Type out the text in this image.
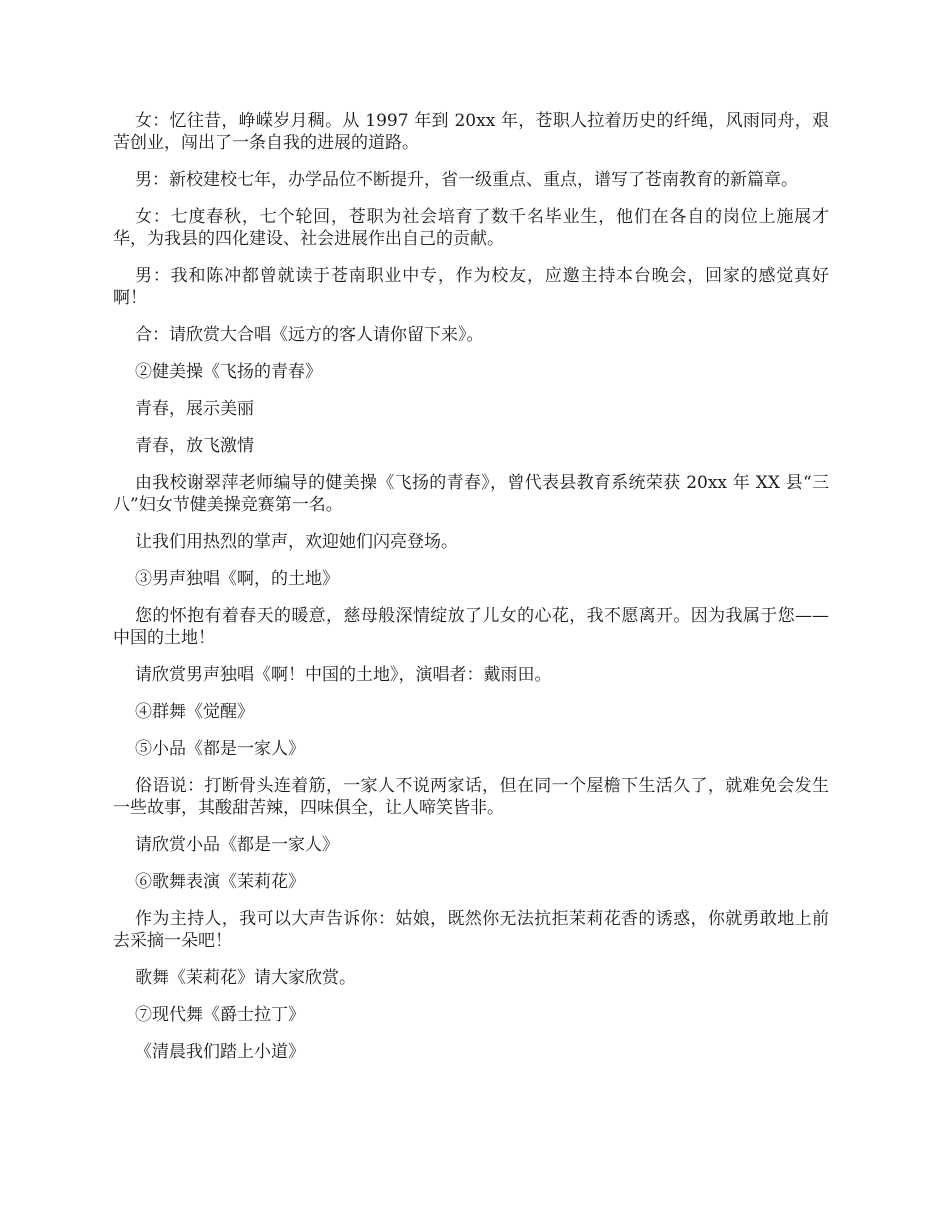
女：忆往昔，峥嵘岁月稠。从 1997 年到 20xx 年，苍职人拉着历史的纤绳，风雨同舟，艰苦创业，闯出了一条自我的进展的道路。

男：新校建校七年，办学品位不断提升，省一级重点、重点，谱写了苍南教育的新篇章。

女：七度春秋，七个轮回，苍职为社会培育了数千名毕业生，他们在各自的岗位上施展才华，为我县的四化建设、社会进展作出自己的贡献。

男：我和陈冲都曾就读于苍南职业中专，作为校友，应邀主持本台晚会，回家的感觉真好啊！

合：请欣赏大合唱《远方的客人请你留下来》。

②健美操《飞扬的青春》

青春，展示美丽

青春，放飞激情

由我校谢翠萍老师编导的健美操《飞扬的青春》，曾代表县教育系统荣获 20xx 年 XX 县“三八”妇女节健美操竞赛第一名。

让我们用热烈的掌声，欢迎她们闪亮登场。

③男声独唱《啊，的土地》

您的怀抱有着春天的暖意，慈母般深情绽放了儿女的心花，我不愿离开。因为我属于您——中国的土地！

请欣赏男声独唱《啊！中国的土地》，演唱者：戴雨田。

④群舞《觉醒》

⑤小品《都是一家人》

俗语说：打断骨头连着筋，一家人不说两家话，但在同一个屋檐下生活久了，就难免会发生一些故事，其酸甜苦辣，四味俱全，让人啼笑皆非。

请欣赏小品《都是一家人》

⑥歌舞表演《茉莉花》

作为主持人，我可以大声告诉你：姑娘，既然你无法抗拒茉莉花香的诱惑，你就勇敢地上前去采摘一朵吧！

歌舞《茉莉花》请大家欣赏。

⑦现代舞《爵士拉丁》

《清晨我们踏上小道》
